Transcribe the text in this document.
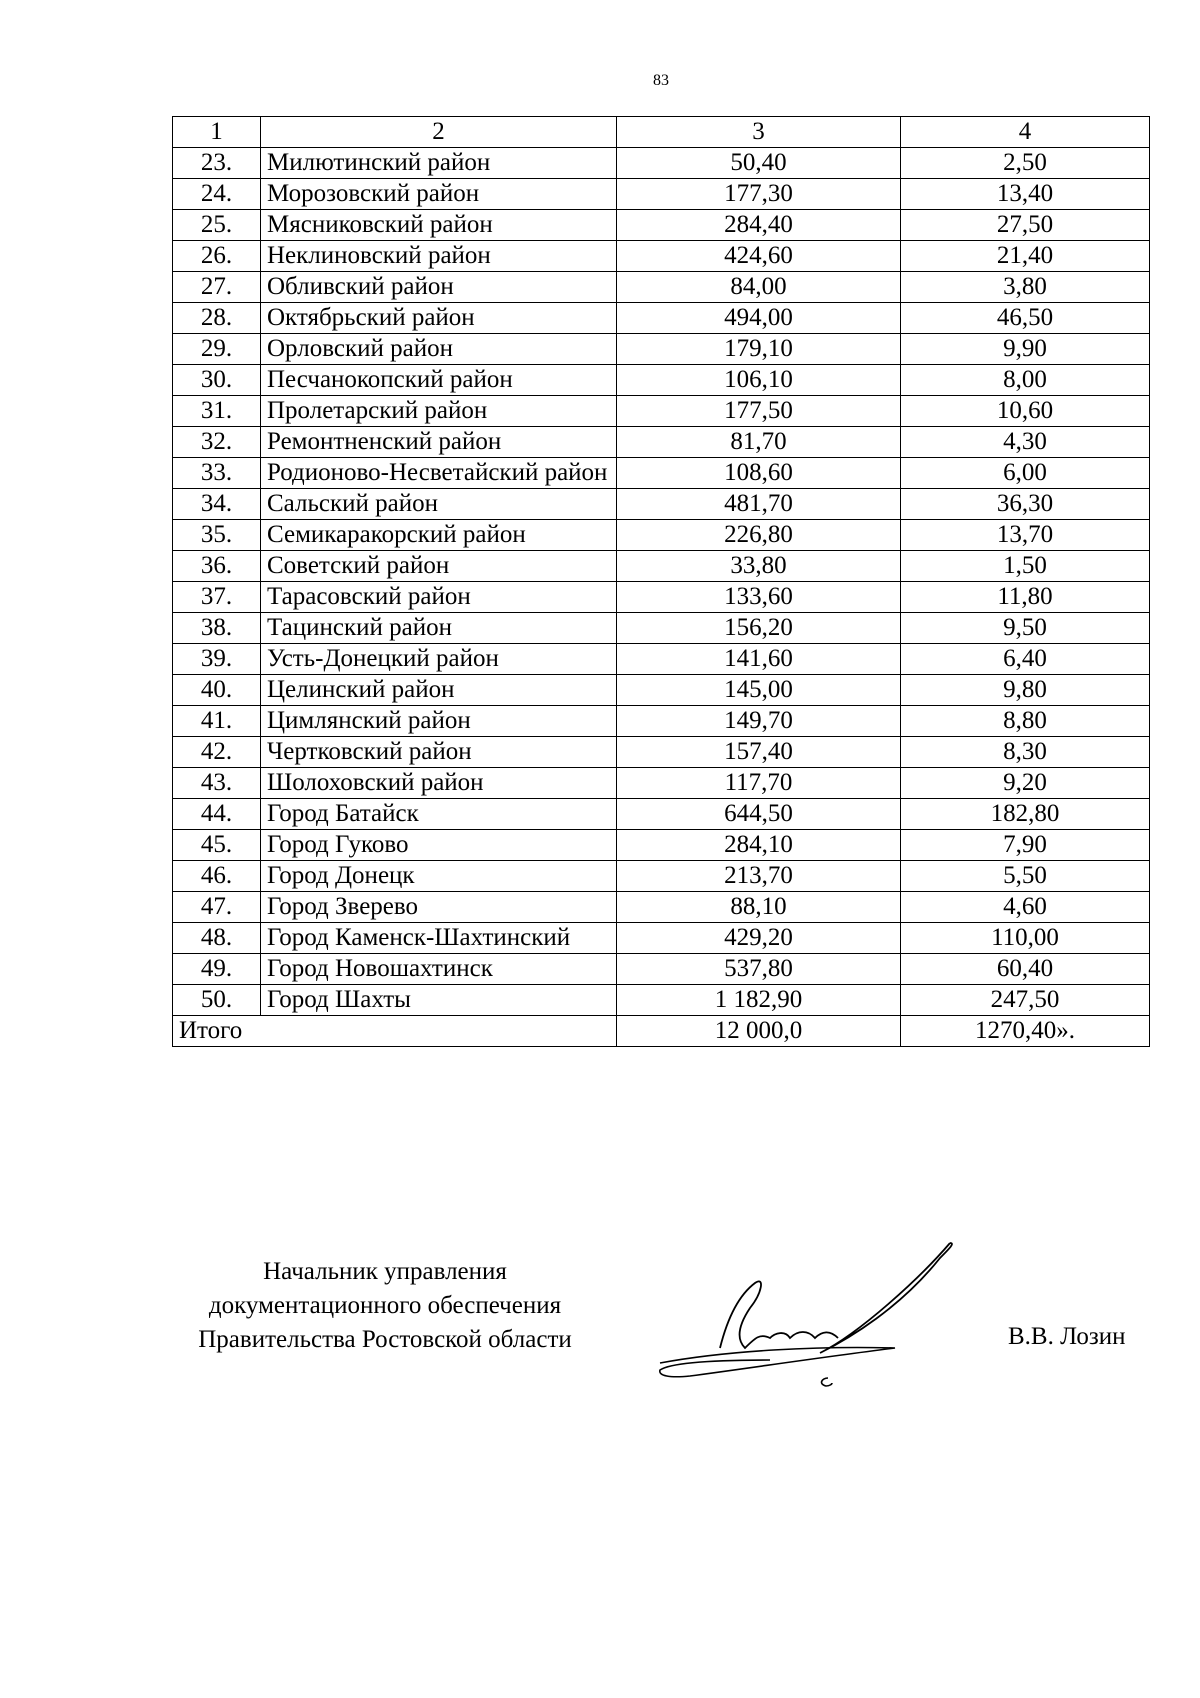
83
1	2	3	4
23.	Милютинский район	50,40	2,50
24.	Морозовский район	177,30	13,40
25.	Мясниковский район	284,40	27,50
26.	Неклиновский район	424,60	21,40
27.	Обливский район	84,00	3,80
28.	Октябрьский район	494,00	46,50
29.	Орловский район	179,10	9,90
30.	Песчанокопский район	106,10	8,00
31.	Пролетарский район	177,50	10,60
32.	Ремонтненский район	81,70	4,30
33.	Родионово-Несветайский район	108,60	6,00
34.	Сальский район	481,70	36,30
35.	Семикаракорский район	226,80	13,70
36.	Советский район	33,80	1,50
37.	Тарасовский район	133,60	11,80
38.	Тацинский район	156,20	9,50
39.	Усть-Донецкий район	141,60	6,40
40.	Целинский район	145,00	9,80
41.	Цимлянский район	149,70	8,80
42.	Чертковский район	157,40	8,30
43.	Шолоховский район	117,70	9,20
44.	Город Батайск	644,50	182,80
45.	Город Гуково	284,10	7,90
46.	Город Донецк	213,70	5,50
47.	Город Зверево	88,10	4,60
48.	Город Каменск-Шахтинский	429,20	110,00
49.	Город Новошахтинск	537,80	60,40
50.	Город Шахты	1 182,90	247,50
Итого		12 000,0	1270,40».
Начальник управления
документационного обеспечения
Правительства Ростовской области	В.В. Лозин
